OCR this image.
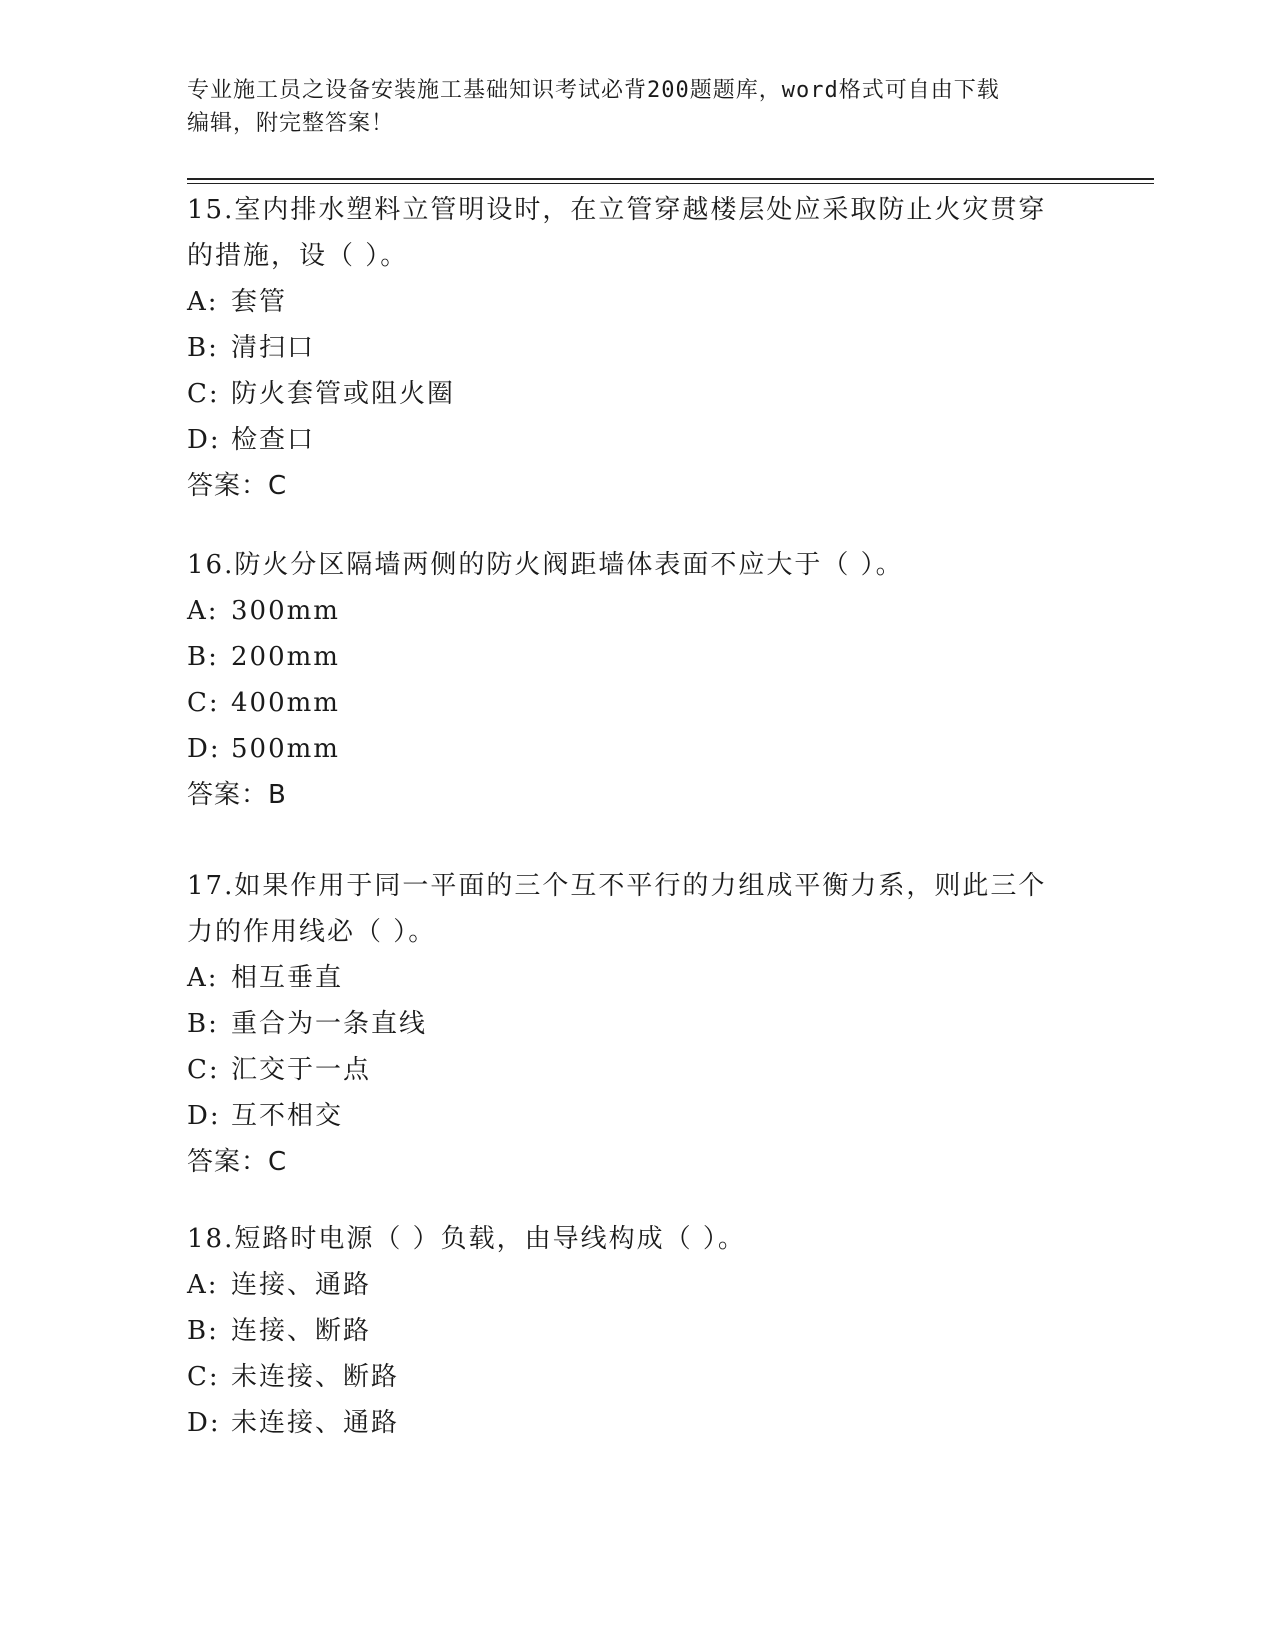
专业施工员之设备安装施工基础知识考试必背200题题库，word格式可自由下载
编辑，附完整答案！

15.室内排水塑料立管明设时，在立管穿越楼层处应采取防止火灾贯穿

的措施，设（ ）。

A: 套管

B: 清扫口

C: 防火套管或阻火圈

D: 检查口

答案：C

16.防火分区隔墙两侧的防火阀距墙体表面不应大于（ ）。

A: 300mm

B: 200mm

C: 400mm

D: 500mm

答案：B

17.如果作用于同一平面的三个互不平行的力组成平衡力系，则此三个

力的作用线必（ ）。

A: 相互垂直

B: 重合为一条直线

C: 汇交于一点

D: 互不相交

答案：C

18.短路时电源（ ）负载，由导线构成（ ）。

A: 连接、通路

B: 连接、断路

C: 未连接、断路

D: 未连接、通路
